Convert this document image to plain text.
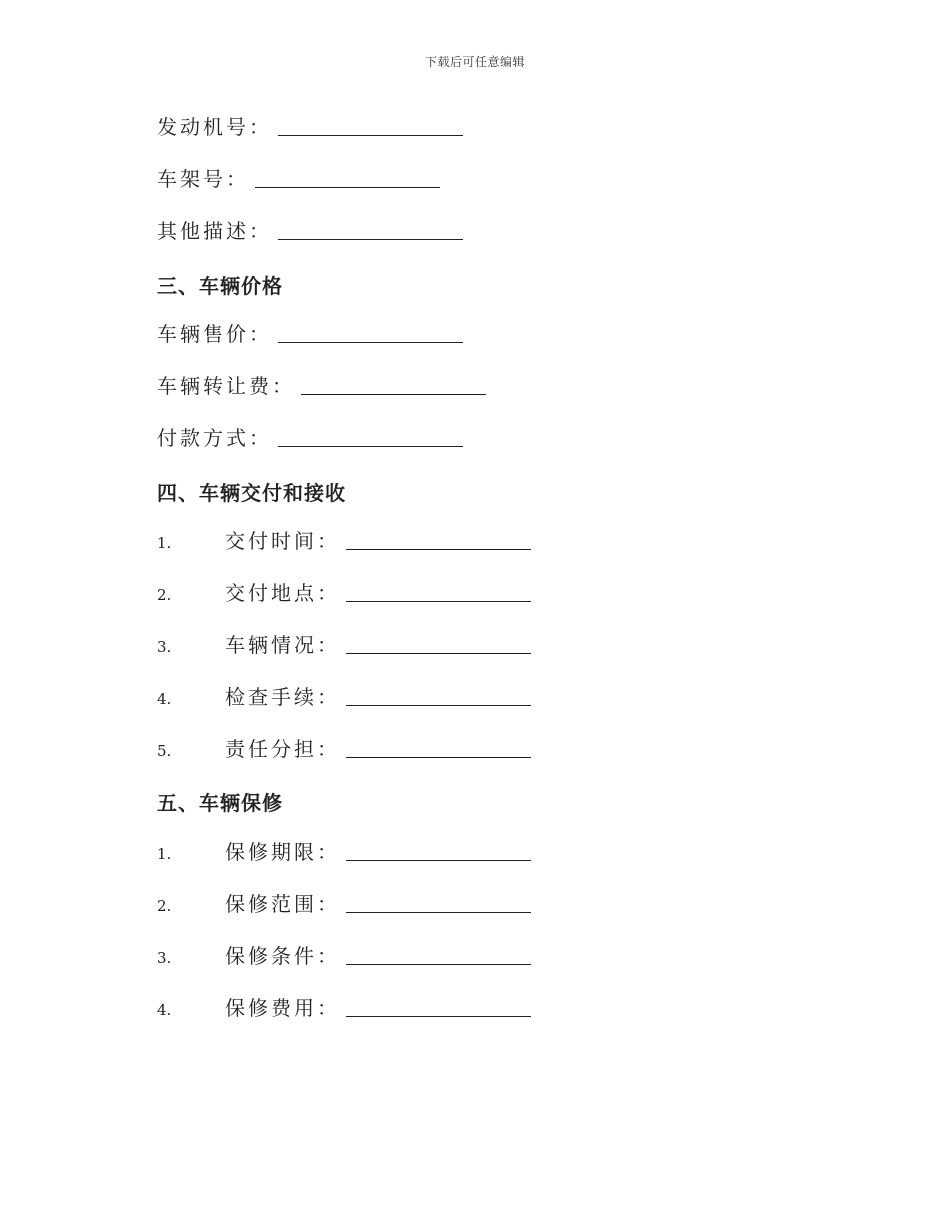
下载后可任意编辑
发动机号：
车架号：
其他描述：
三、车辆价格
车辆售价：
车辆转让费：
付款方式：
四、车辆交付和接收
1.	交付时间：
2.	交付地点：
3.	车辆情况：
4.	检查手续：
5.	责任分担：
五、车辆保修
1.	保修期限：
2.	保修范围：
3.	保修条件：
4.	保修费用：
